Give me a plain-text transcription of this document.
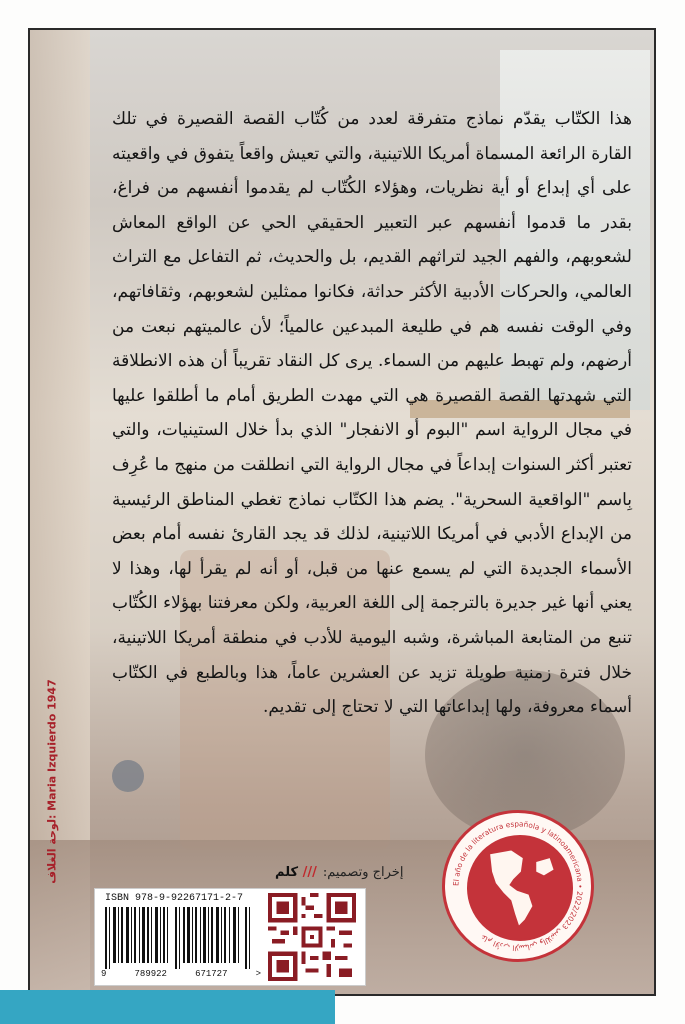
هذا الكتّاب يقدّم نماذج متفرقة لعدد من كُتّاب القصة القصيرة في تلك القارة الرائعة المسماة أمريكا اللاتينية، والتي تعيش واقعاً يتفوق في واقعيته على أي إبداع أو أية نظريات، وهؤلاء الكُتّاب لم يقدموا أنفسهم من فراغ، بقدر ما قدموا أنفسهم عبر التعبير الحقيقي الحي عن الواقع المعاش لشعوبهم، والفهم الجيد لتراثهم القديم، بل والحديث، ثم التفاعل مع التراث العالمي، والحركات الأدبية الأكثر حداثة، فكانوا ممثلين لشعوبهم، وثقافاتهم، وفي الوقت نفسه هم في طليعة المبدعين عالمياً؛ لأن عالميتهم نبعت من أرضهم، ولم تهبط عليهم من السماء. يرى كل النقاد تقريباً أن هذه الانطلاقة التي شهدتها القصة القصيرة هي التي مهدت الطريق أمام ما أطلقوا عليها في مجال الرواية اسم "البوم أو الانفجار" الذي بدأ خلال الستينيات، والتي تعتبر أكثر السنوات إبداعاً في مجال الرواية التي انطلقت من منهج ما عُرِف بِاسم "الواقعية السحرية". يضم هذا الكتّاب نماذج تغطي المناطق الرئيسية من الإبداع الأدبي في أمريكا اللاتينية، لذلك قد يجد القارئ نفسه أمام بعض الأسماء الجديدة التي لم يسمع عنها من قبل، أو أنه لم يقرأ لها، وهذا لا يعني أنها غير جديرة بالترجمة إلى اللغة العربية، ولكن معرفتنا بهؤلاء الكُتّاب تنبع من المتابعة المباشرة، وشبه اليومية للأدب في منطقة أمريكا اللاتينية، خلال فترة زمنية طويلة تزيد عن العشرين عاماً، هذا وبالطبع في الكتّاب أسماء معروفة، ولها إبداعاتها التي لا تحتاج إلى تقديم.

لوحة الغلاف: Maria Izquierdo 1947
إخراج وتصميم:
/// كلم
ISBN 978-9-92267171-2-7
9	789922	671727	>
El año de la literatura española y latinoamericana • عام الأدب الإسباني واللاتيني 2022/2023
